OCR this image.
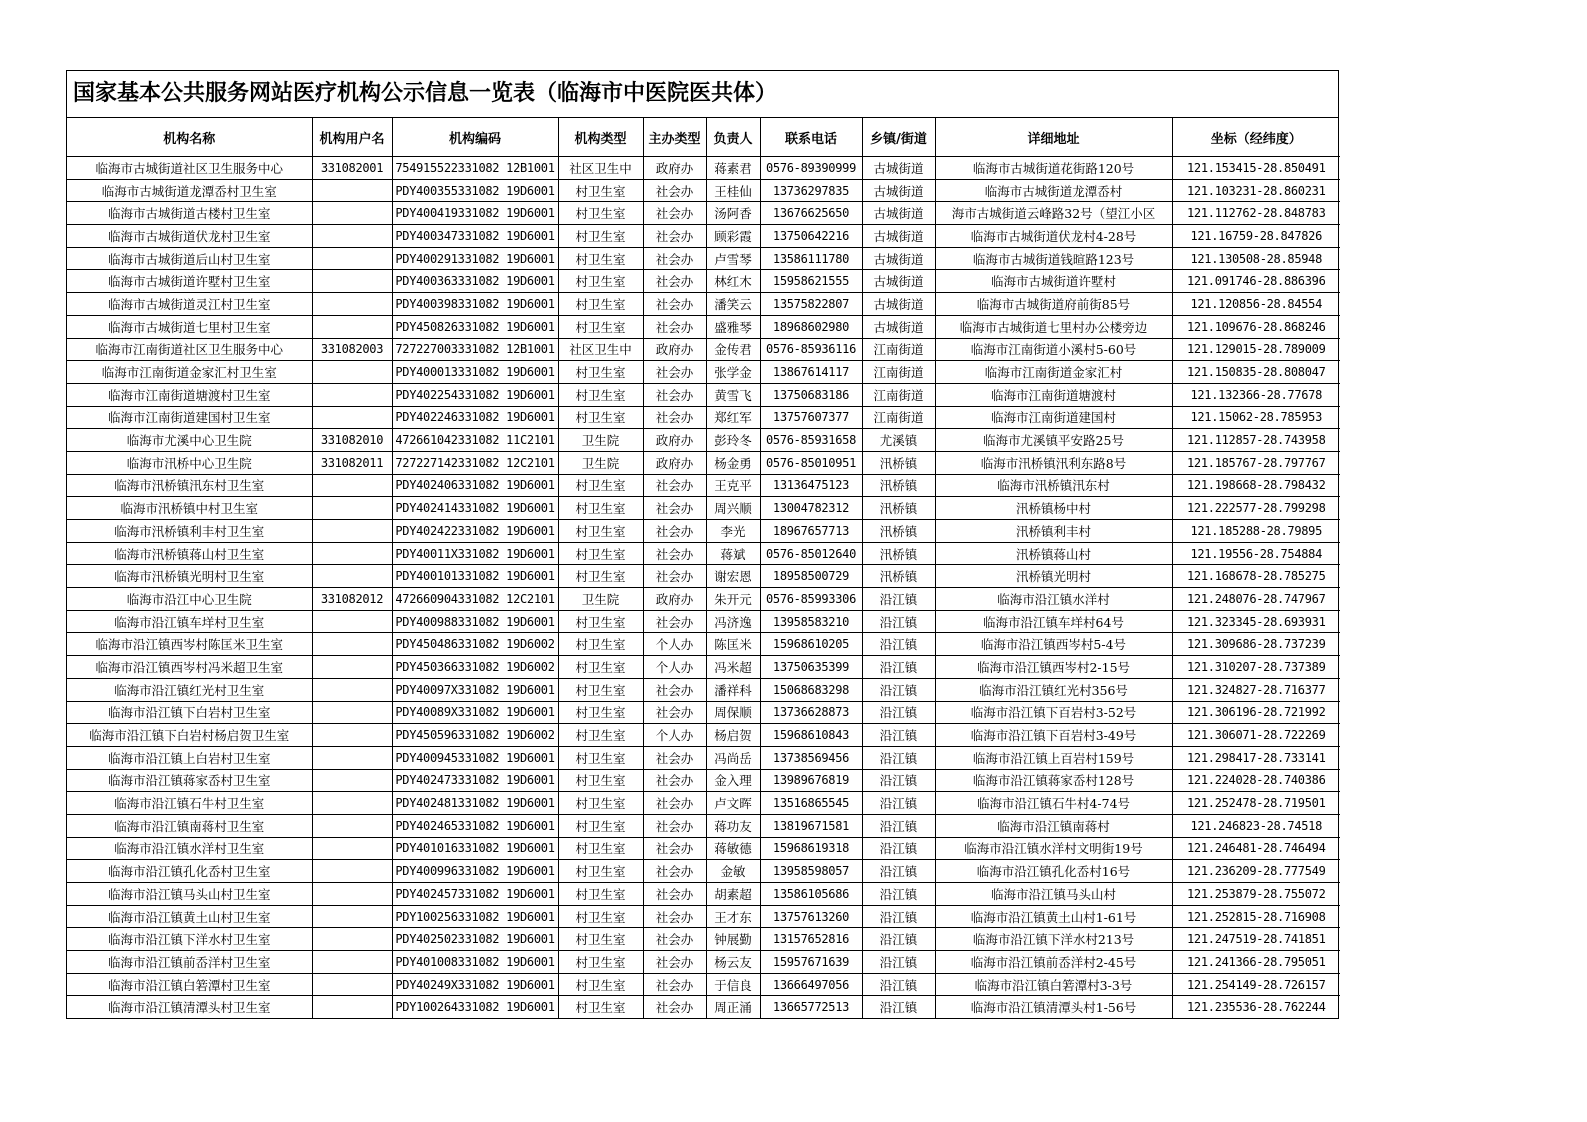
国家基本公共服务网站医疗机构公示信息一览表（临海市中医院医共体）
机构名称	机构用户名	机构编码	机构类型	主办类型	负责人	联系电话	乡镇/街道	详细地址	坐标（经纬度）
临海市古城街道社区卫生服务中心	331082001	754915522331082 12B1001	社区卫生中	政府办	蒋素君	0576-89390999	古城街道	临海市古城街道花街路120号	121.153415-28.850491
临海市古城街道龙潭岙村卫生室		PDY400355331082 19D6001	村卫生室	社会办	王桂仙	13736297835	古城街道	临海市古城街道龙潭岙村	121.103231-28.860231
临海市古城街道古楼村卫生室		PDY400419331082 19D6001	村卫生室	社会办	汤阿香	13676625650	古城街道	海市古城街道云峰路32号（望江小区	121.112762-28.848783
临海市古城街道伏龙村卫生室		PDY400347331082 19D6001	村卫生室	社会办	顾彩霞	13750642216	古城街道	临海市古城街道伏龙村4-28号	121.16759-28.847826
临海市古城街道后山村卫生室		PDY400291331082 19D6001	村卫生室	社会办	卢雪琴	13586111780	古城街道	临海市古城街道钱暄路123号	121.130508-28.85948
临海市古城街道许墅村卫生室		PDY400363331082 19D6001	村卫生室	社会办	林红木	15958621555	古城街道	临海市古城街道许墅村	121.091746-28.886396
临海市古城街道灵江村卫生室		PDY400398331082 19D6001	村卫生室	社会办	潘笑云	13575822807	古城街道	临海市古城街道府前街85号	121.120856-28.84554
临海市古城街道七里村卫生室		PDY450826331082 19D6001	村卫生室	社会办	盛雅琴	18968602980	古城街道	临海市古城街道七里村办公楼旁边	121.109676-28.868246
临海市江南街道社区卫生服务中心	331082003	727227003331082 12B1001	社区卫生中	政府办	金传君	0576-85936116	江南街道	临海市江南街道小溪村5-60号	121.129015-28.789009
临海市江南街道金家汇村卫生室		PDY400013331082 19D6001	村卫生室	社会办	张学金	13867614117	江南街道	临海市江南街道金家汇村	121.150835-28.808047
临海市江南街道塘渡村卫生室		PDY402254331082 19D6001	村卫生室	社会办	黄雪飞	13750683186	江南街道	临海市江南街道塘渡村	121.132366-28.77678
临海市江南街道建国村卫生室		PDY402246331082 19D6001	村卫生室	社会办	郑红军	13757607377	江南街道	临海市江南街道建国村	121.15062-28.785953
临海市尤溪中心卫生院	331082010	472661042331082 11C2101	卫生院	政府办	彭玲冬	0576-85931658	尤溪镇	临海市尤溪镇平安路25号	121.112857-28.743958
临海市汛桥中心卫生院	331082011	727227142331082 12C2101	卫生院	政府办	杨金勇	0576-85010951	汛桥镇	临海市汛桥镇汛利东路8号	121.185767-28.797767
临海市汛桥镇汛东村卫生室		PDY402406331082 19D6001	村卫生室	社会办	王克平	13136475123	汛桥镇	临海市汛桥镇汛东村	121.198668-28.798432
临海市汛桥镇中村卫生室		PDY402414331082 19D6001	村卫生室	社会办	周兴顺	13004782312	汛桥镇	汛桥镇杨中村	121.222577-28.799298
临海市汛桥镇利丰村卫生室		PDY402422331082 19D6001	村卫生室	社会办	李光	18967657713	汛桥镇	汛桥镇利丰村	121.185288-28.79895
临海市汛桥镇蒋山村卫生室		PDY40011X331082 19D6001	村卫生室	社会办	蒋斌	0576-85012640	汛桥镇	汛桥镇蒋山村	121.19556-28.754884
临海市汛桥镇光明村卫生室		PDY400101331082 19D6001	村卫生室	社会办	谢宏恩	18958500729	汛桥镇	汛桥镇光明村	121.168678-28.785275
临海市沿江中心卫生院	331082012	472660904331082 12C2101	卫生院	政府办	朱开元	0576-85993306	沿江镇	临海市沿江镇水洋村	121.248076-28.747967
临海市沿江镇车垟村卫生室		PDY400988331082 19D6001	村卫生室	社会办	冯济逸	13958583210	沿江镇	临海市沿江镇车垟村64号	121.323345-28.693931
临海市沿江镇西岑村陈匡米卫生室		PDY450486331082 19D6002	村卫生室	个人办	陈匡米	15968610205	沿江镇	临海市沿江镇西岑村5-4号	121.309686-28.737239
临海市沿江镇西岑村冯米超卫生室		PDY450366331082 19D6002	村卫生室	个人办	冯米超	13750635399	沿江镇	临海市沿江镇西岑村2-15号	121.310207-28.737389
临海市沿江镇红光村卫生室		PDY40097X331082 19D6001	村卫生室	社会办	潘祥科	15068683298	沿江镇	临海市沿江镇红光村356号	121.324827-28.716377
临海市沿江镇下白岩村卫生室		PDY40089X331082 19D6001	村卫生室	社会办	周保顺	13736628873	沿江镇	临海市沿江镇下百岩村3-52号	121.306196-28.721992
临海市沿江镇下白岩村杨启贺卫生室		PDY450596331082 19D6002	村卫生室	个人办	杨启贺	15968610843	沿江镇	临海市沿江镇下百岩村3-49号	121.306071-28.722269
临海市沿江镇上白岩村卫生室		PDY400945331082 19D6001	村卫生室	社会办	冯尚岳	13738569456	沿江镇	临海市沿江镇上百岩村159号	121.298417-28.733141
临海市沿江镇蒋家岙村卫生室		PDY402473331082 19D6001	村卫生室	社会办	金入理	13989676819	沿江镇	临海市沿江镇蒋家岙村128号	121.224028-28.740386
临海市沿江镇石牛村卫生室		PDY402481331082 19D6001	村卫生室	社会办	卢文晖	13516865545	沿江镇	临海市沿江镇石牛村4-74号	121.252478-28.719501
临海市沿江镇南蒋村卫生室		PDY402465331082 19D6001	村卫生室	社会办	蒋功友	13819671581	沿江镇	临海市沿江镇南蒋村	121.246823-28.74518
临海市沿江镇水洋村卫生室		PDY401016331082 19D6001	村卫生室	社会办	蒋敏德	15968619318	沿江镇	临海市沿江镇水洋村文明街19号	121.246481-28.746494
临海市沿江镇孔化岙村卫生室		PDY400996331082 19D6001	村卫生室	社会办	金敏	13958598057	沿江镇	临海市沿江镇孔化岙村16号	121.236209-28.777549
临海市沿江镇马头山村卫生室		PDY402457331082 19D6001	村卫生室	社会办	胡素超	13586105686	沿江镇	临海市沿江镇马头山村	121.253879-28.755072
临海市沿江镇黄土山村卫生室		PDY100256331082 19D6001	村卫生室	社会办	王才东	13757613260	沿江镇	临海市沿江镇黄土山村1-61号	121.252815-28.716908
临海市沿江镇下洋水村卫生室		PDY402502331082 19D6001	村卫生室	社会办	钟展勤	13157652816	沿江镇	临海市沿江镇下洋水村213号	121.247519-28.741851
临海市沿江镇前岙洋村卫生室		PDY401008331082 19D6001	村卫生室	社会办	杨云友	15957671639	沿江镇	临海市沿江镇前岙洋村2-45号	121.241366-28.795051
临海市沿江镇白箬潭村卫生室		PDY40249X331082 19D6001	村卫生室	社会办	于信良	13666497056	沿江镇	临海市沿江镇白箬潭村3-3号	121.254149-28.726157
临海市沿江镇清潭头村卫生室		PDY100264331082 19D6001	村卫生室	社会办	周正涌	13665772513	沿江镇	临海市沿江镇清潭头村1-56号	121.235536-28.762244
